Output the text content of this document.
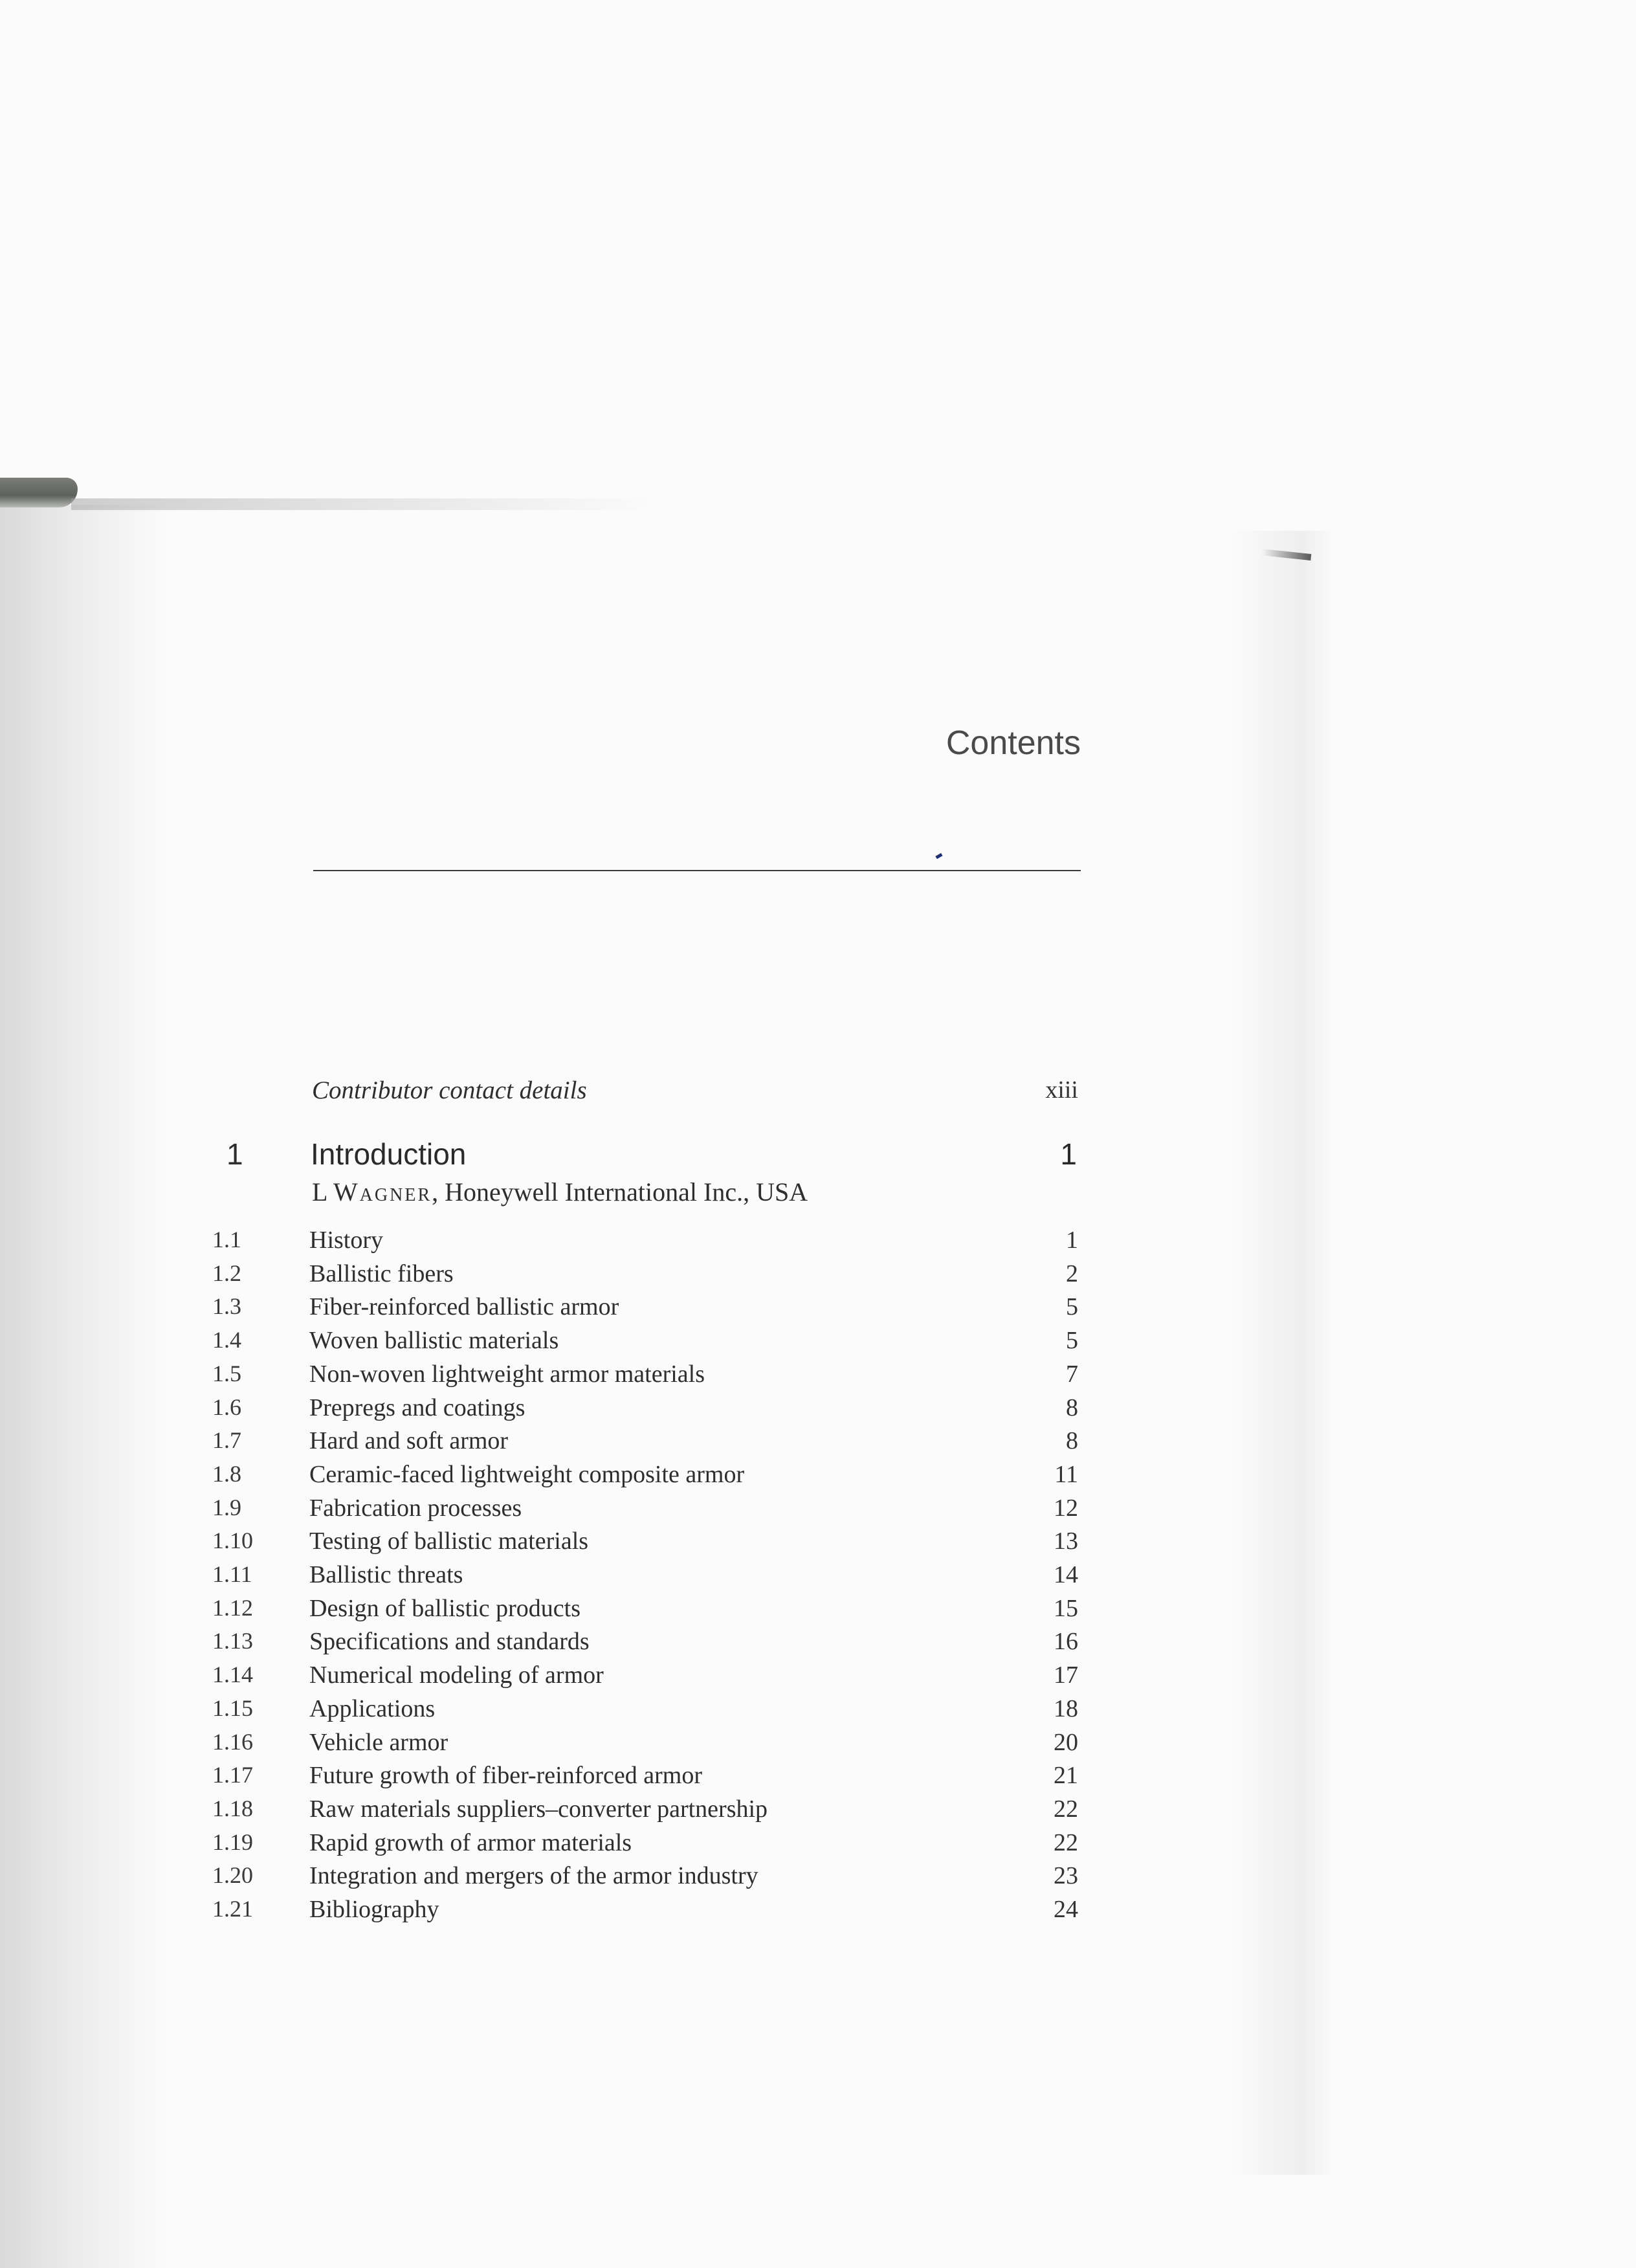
Contents
Contributor contact details	xiii
1 Introduction	1
L Wagner, Honeywell International Inc., USA
1.1	History	1
1.2	Ballistic fibers	2
1.3	Fiber-reinforced ballistic armor	5
1.4	Woven ballistic materials	5
1.5	Non-woven lightweight armor materials	7
1.6	Prepregs and coatings	8
1.7	Hard and soft armor	8
1.8	Ceramic-faced lightweight composite armor	11
1.9	Fabrication processes	12
1.10 Testing of ballistic materials	13
1.11 Ballistic threats	14
1.12 Design of ballistic products	15
1.13 Specifications and standards	16
1.14 Numerical modeling of armor	17
1.15 Applications	18
1.16 Vehicle armor	20
1.17 Future growth of fiber-reinforced armor	21
1.18 Raw materials suppliers–converter partnership	22
1.19 Rapid growth of armor materials	22
1.20 Integration and mergers of the armor industry	23
1.21 Bibliography	24
